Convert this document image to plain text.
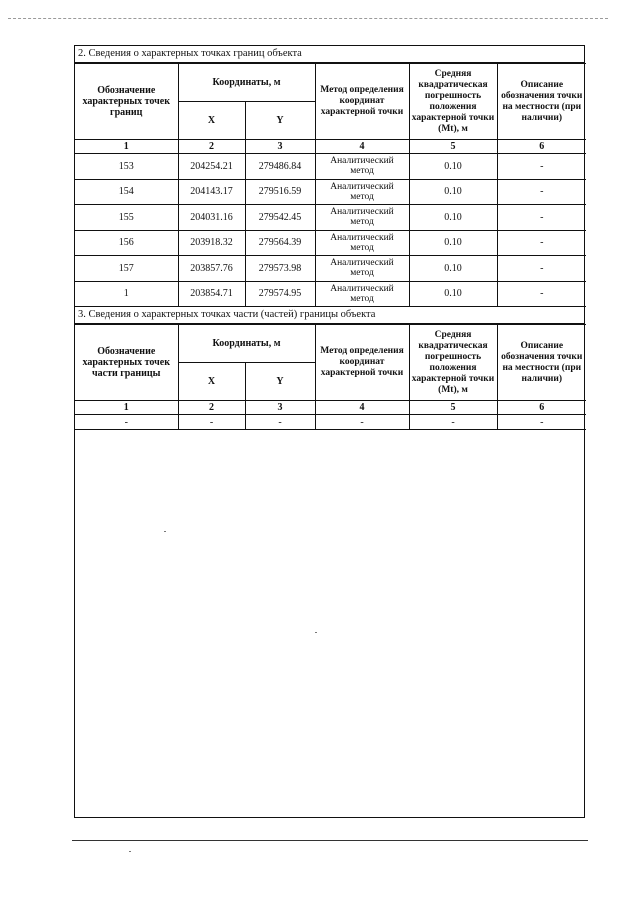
2. Сведения о характерных точках границ объекта
Обозначение характерных точек границ	Координаты, м		Метод определения координат характерной точки	Средняя квадратическая погрешность положения характерной точки (Mt), м	Описание обозначения точки на местности (при наличии)
	X	Y			
1	2	3	4	5	6
153	204254.21	279486.84	Аналитический метод	0.10	-
154	204143.17	279516.59	Аналитический метод	0.10	-
155	204031.16	279542.45	Аналитический метод	0.10	-
156	203918.32	279564.39	Аналитический метод	0.10	-
157	203857.76	279573.98	Аналитический метод	0.10	-
1	203854.71	279574.95	Аналитический метод	0.10	-
3. Сведения о характерных точках части (частей) границы объекта
Обозначение характерных точек части границы	Координаты, м		Метод определения координат характерной точки	Средняя квадратическая погрешность положения характерной точки (Mt), м	Описание обозначения точки на местности (при наличии)
	X	Y			
1	2	3	4	5	6
-	-	-	-	-	-
